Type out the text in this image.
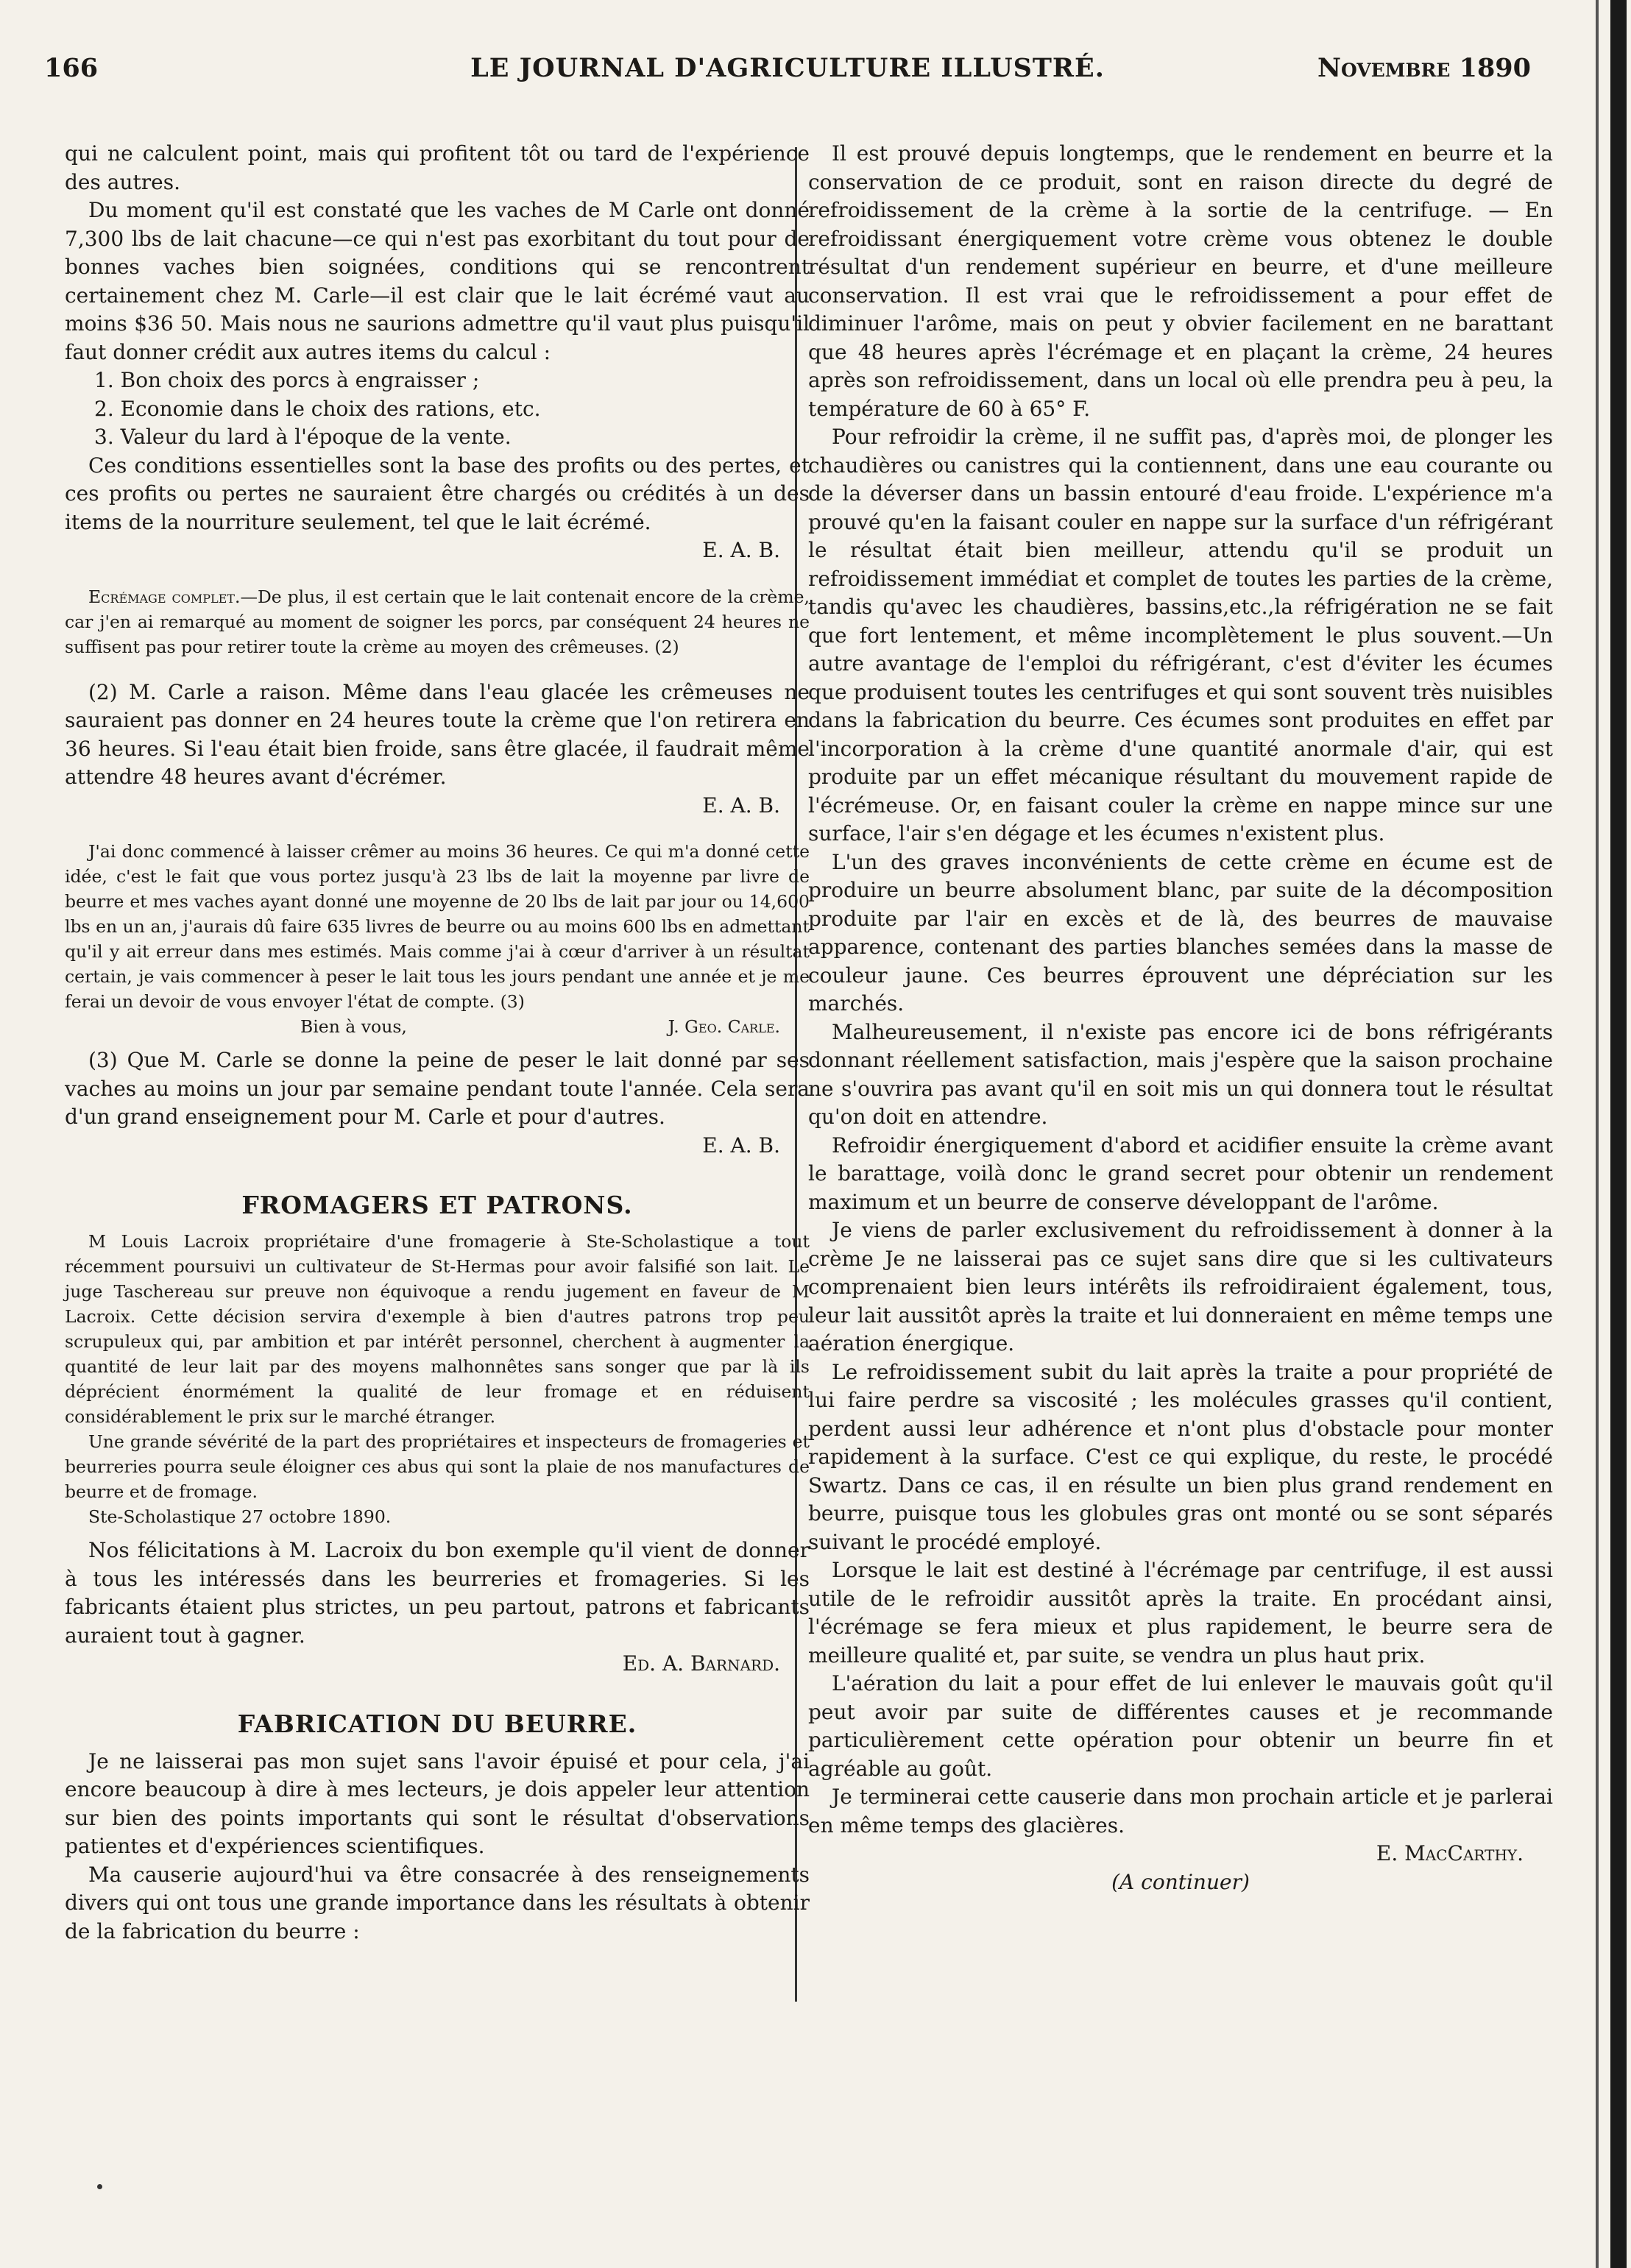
166	LE JOURNAL D'AGRICULTURE ILLUSTRÉ.	Novembre 1890

qui ne calculent point, mais qui profitent tôt ou tard de l'expérience des autres.

Du moment qu'il est constaté que les vaches de M Carle ont donné 7,300 lbs de lait chacune—ce qui n'est pas exorbitant du tout pour de bonnes vaches bien soignées, conditions qui se rencontrent certainement chez M. Carle—il est clair que le lait écrémé vaut au moins $36 50. Mais nous ne saurions admettre qu'il vaut plus puisqu'il faut donner crédit aux autres items du calcul :

1. Bon choix des porcs à engraisser ;

2. Economie dans le choix des rations, etc.

3. Valeur du lard à l'époque de la vente.

Ces conditions essentielles sont la base des profits ou des pertes, et ces profits ou pertes ne sauraient être chargés ou crédités à un des items de la nourriture seulement, tel que le lait écrémé.

E. A. B.

Ecrémage complet.—De plus, il est certain que le lait contenait encore de la crème, car j'en ai remarqué au moment de soigner les porcs, par conséquent 24 heures ne suffisent pas pour retirer toute la crème au moyen des crêmeuses. (2)

(2) M. Carle a raison. Même dans l'eau glacée les crêmeuses ne sauraient pas donner en 24 heures toute la crème que l'on retirera en 36 heures. Si l'eau était bien froide, sans être glacée, il faudrait même attendre 48 heures avant d'écrémer.

E. A. B.

J'ai donc commencé à laisser crêmer au moins 36 heures. Ce qui m'a donné cette idée, c'est le fait que vous portez jusqu'à 23 lbs de lait la moyenne par livre de beurre et mes vaches ayant donné une moyenne de 20 lbs de lait par jour ou 14,600 lbs en un an, j'aurais dû faire 635 livres de beurre ou au moins 600 lbs en admettant qu'il y ait erreur dans mes estimés. Mais comme j'ai à cœur d'arriver à un résultat certain, je vais commencer à peser le lait tous les jours pendant une année et je me ferai un devoir de vous envoyer l'état de compte. (3)

Bien à vous,	J. Geo. Carle.

(3) Que M. Carle se donne la peine de peser le lait donné par ses vaches au moins un jour par semaine pendant toute l'année. Cela sera d'un grand enseignement pour M. Carle et pour d'autres.

E. A. B.

FROMAGERS ET PATRONS.

M Louis Lacroix propriétaire d'une fromagerie à Ste-Scholastique a tout récemment poursuivi un cultivateur de St-Hermas pour avoir falsifié son lait. Le juge Taschereau sur preuve non équivoque a rendu jugement en faveur de M Lacroix. Cette décision servira d'exemple à bien d'autres patrons trop peu scrupuleux qui, par ambition et par intérêt personnel, cherchent à augmenter la quantité de leur lait par des moyens malhonnêtes sans songer que par là ils déprécient énormément la qualité de leur fromage et en réduisent considérablement le prix sur le marché étranger.

Une grande sévérité de la part des propriétaires et inspecteurs de fromageries et beurreries pourra seule éloigner ces abus qui sont la plaie de nos manufactures de beurre et de fromage.

Ste-Scholastique 27 octobre 1890.

Nos félicitations à M. Lacroix du bon exemple qu'il vient de donner à tous les intéressés dans les beurreries et fromageries. Si les fabricants étaient plus strictes, un peu partout, patrons et fabricants auraient tout à gagner.

Ed. A. Barnard.

FABRICATION DU BEURRE.

Je ne laisserai pas mon sujet sans l'avoir épuisé et pour cela, j'ai encore beaucoup à dire à mes lecteurs, je dois appeler leur attention sur bien des points importants qui sont le résultat d'observations patientes et d'expériences scientifiques.

Ma causerie aujourd'hui va être consacrée à des renseignements divers qui ont tous une grande importance dans les résultats à obtenir de la fabrication du beurre :

Il est prouvé depuis longtemps, que le rendement en beurre et la conservation de ce produit, sont en raison directe du degré de refroidissement de la crème à la sortie de la centrifuge. — En refroidissant énergiquement votre crème vous obtenez le double résultat d'un rendement supérieur en beurre, et d'une meilleure conservation. Il est vrai que le refroidissement a pour effet de diminuer l'arôme, mais on peut y obvier facilement en ne barattant que 48 heures après l'écrémage et en plaçant la crème, 24 heures après son refroidissement, dans un local où elle prendra peu à peu, la température de 60 à 65° F.

Pour refroidir la crème, il ne suffit pas, d'après moi, de plonger les chaudières ou canistres qui la contiennent, dans une eau courante ou de la déverser dans un bassin entouré d'eau froide. L'expérience m'a prouvé qu'en la faisant couler en nappe sur la surface d'un réfrigérant le résultat était bien meilleur, attendu qu'il se produit un refroidissement immédiat et complet de toutes les parties de la crème, tandis qu'avec les chaudières, bassins,etc.,la réfrigération ne se fait que fort lentement, et même incomplètement le plus souvent.—Un autre avantage de l'emploi du réfrigérant, c'est d'éviter les écumes que produisent toutes les centrifuges et qui sont souvent très nuisibles dans la fabrication du beurre. Ces écumes sont produites en effet par l'incorporation à la crème d'une quantité anormale d'air, qui est produite par un effet mécanique résultant du mouvement rapide de l'écrémeuse. Or, en faisant couler la crème en nappe mince sur une surface, l'air s'en dégage et les écumes n'existent plus.

L'un des graves inconvénients de cette crème en écume est de produire un beurre absolument blanc, par suite de la décomposition produite par l'air en excès et de là, des beurres de mauvaise apparence, contenant des parties blanches semées dans la masse de couleur jaune. Ces beurres éprouvent une dépréciation sur les marchés.

Malheureusement, il n'existe pas encore ici de bons réfrigérants donnant réellement satisfaction, mais j'espère que la saison prochaine ne s'ouvrira pas avant qu'il en soit mis un qui donnera tout le résultat qu'on doit en attendre.

Refroidir énergiquement d'abord et acidifier ensuite la crème avant le barattage, voilà donc le grand secret pour obtenir un rendement maximum et un beurre de conserve développant de l'arôme.

Je viens de parler exclusivement du refroidissement à donner à la crème Je ne laisserai pas ce sujet sans dire que si les cultivateurs comprenaient bien leurs intérêts ils refroidiraient également, tous, leur lait aussitôt après la traite et lui donneraient en même temps une aération énergique.

Le refroidissement subit du lait après la traite a pour propriété de lui faire perdre sa viscosité ; les molécules grasses qu'il contient, perdent aussi leur adhérence et n'ont plus d'obstacle pour monter rapidement à la surface. C'est ce qui explique, du reste, le procédé Swartz. Dans ce cas, il en résulte un bien plus grand rendement en beurre, puisque tous les globules gras ont monté ou se sont séparés suivant le procédé employé.

Lorsque le lait est destiné à l'écrémage par centrifuge, il est aussi utile de le refroidir aussitôt après la traite. En procédant ainsi, l'écrémage se fera mieux et plus rapidement, le beurre sera de meilleure qualité et, par suite, se vendra un plus haut prix.

L'aération du lait a pour effet de lui enlever le mauvais goût qu'il peut avoir par suite de différentes causes et je recommande particulièrement cette opération pour obtenir un beurre fin et agréable au goût.

Je terminerai cette causerie dans mon prochain article et je parlerai en même temps des glacières.

E. MacCarthy.

(A continuer)
